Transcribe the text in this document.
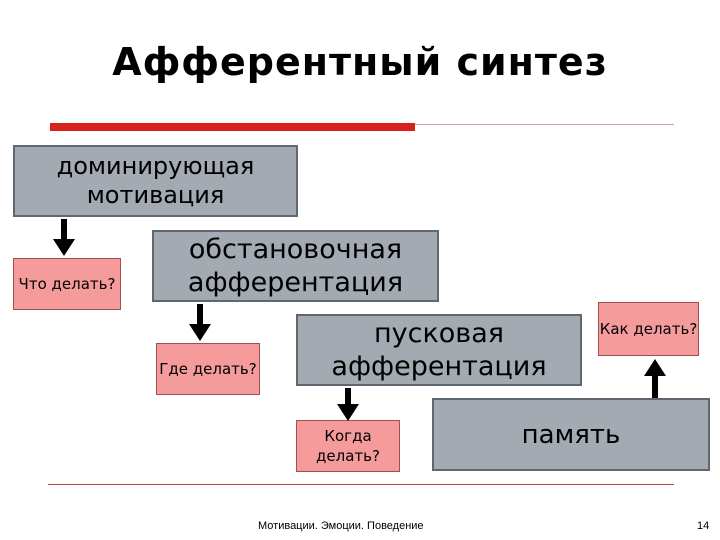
Афферентный синтез
доминирующая мотивация
обстановочная афферентация
пусковая афферентация
память
Что делать?
Где делать?
Когда делать?
Как делать?
Мотивации. Эмоции. Поведение	14
